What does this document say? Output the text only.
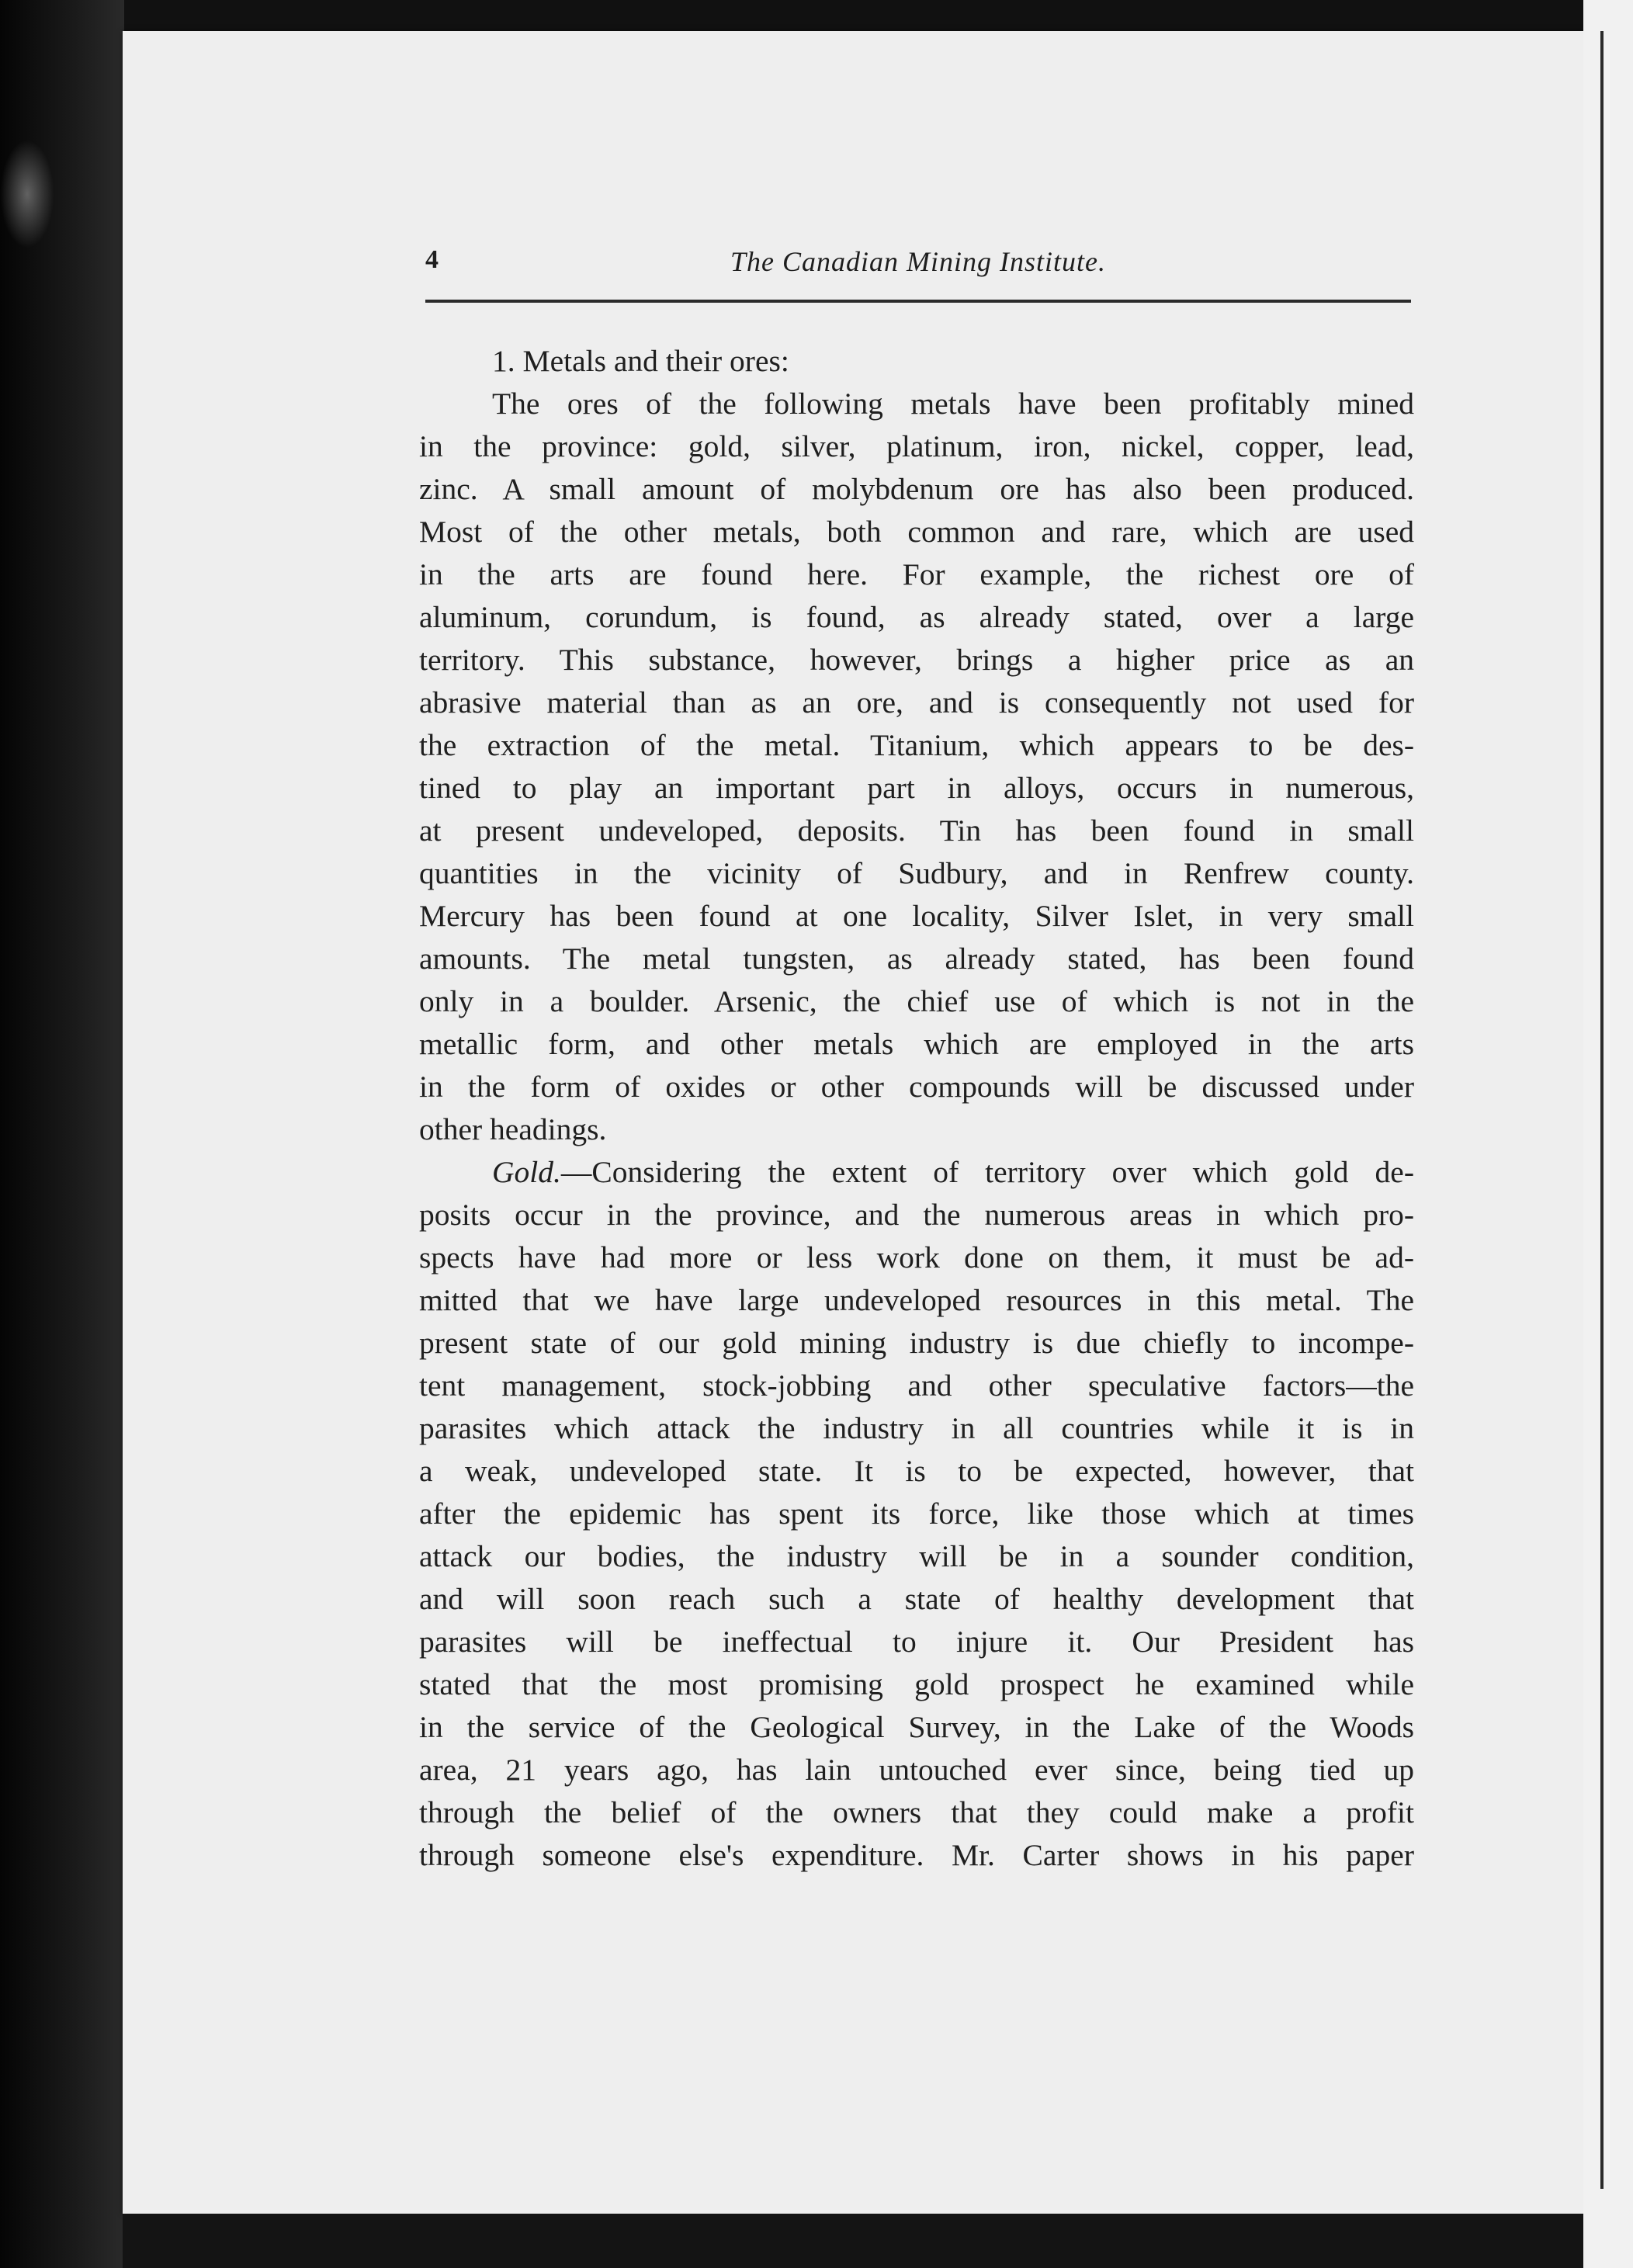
4	The Canadian Mining Institute.
1. Metals and their ores:
The ores of the following metals have been profitably mined
in the province: gold, silver, platinum, iron, nickel, copper, lead,
zinc. A small amount of molybdenum ore has also been produced.
Most of the other metals, both common and rare, which are used
in the arts are found here. For example, the richest ore of
aluminum, corundum, is found, as already stated, over a large
territory. This substance, however, brings a higher price as an
abrasive material than as an ore, and is consequently not used for
the extraction of the metal. Titanium, which appears to be des-
tined to play an important part in alloys, occurs in numerous,
at present undeveloped, deposits. Tin has been found in small
quantities in the vicinity of Sudbury, and in Renfrew county.
Mercury has been found at one locality, Silver Islet, in very small
amounts. The metal tungsten, as already stated, has been found
only in a boulder. Arsenic, the chief use of which is not in the
metallic form, and other metals which are employed in the arts
in the form of oxides or other compounds will be discussed under
other headings.
Gold.—Considering the extent of territory over which gold de-
posits occur in the province, and the numerous areas in which pro-
spects have had more or less work done on them, it must be ad-
mitted that we have large undeveloped resources in this metal. The
present state of our gold mining industry is due chiefly to incompe-
tent management, stock-jobbing and other speculative factors—the
parasites which attack the industry in all countries while it is in
a weak, undeveloped state. It is to be expected, however, that
after the epidemic has spent its force, like those which at times
attack our bodies, the industry will be in a sounder condition,
and will soon reach such a state of healthy development that
parasites will be ineffectual to injure it. Our President has
stated that the most promising gold prospect he examined while
in the service of the Geological Survey, in the Lake of the Woods
area, 21 years ago, has lain untouched ever since, being tied up
through the belief of the owners that they could make a profit
through someone else's expenditure. Mr. Carter shows in his paper
